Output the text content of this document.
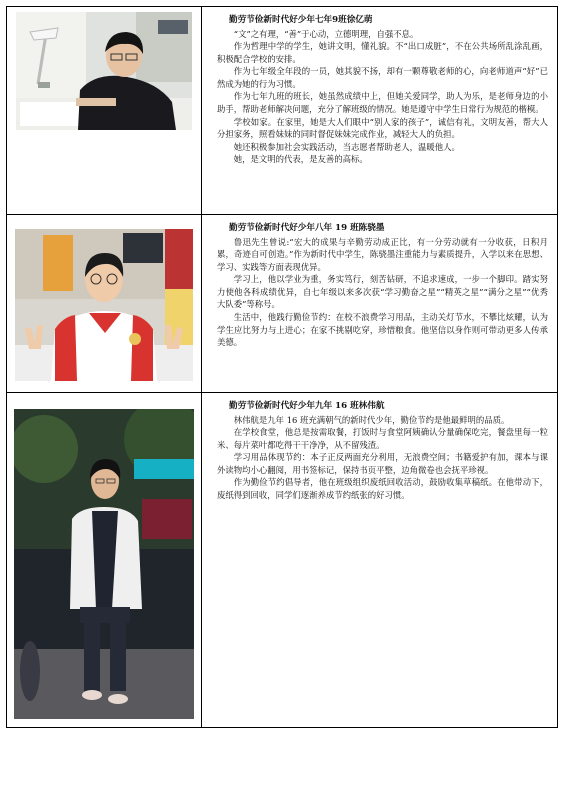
勤劳节俭新时代好少年七年9班徐亿萌

“文”之有理，“善”于心动，立德明理，自强不息。

作为哲理中学的学生，她讲文明，懂礼貌。不“出口成脏”，不在公共场所乱涂乱画，积极配合学校的安排。

作为七年级全年段的一员，她其貌不扬，却有一颗尊敬老师的心，向老师道声“好”已然成为她的行为习惯。

作为七年九班的班长，她虽然成绩中上，但她关爱同学，助人为乐，是老师身边的小助手，帮助老师解决问题，充分了解班级的情况。她是遵守中学生日常行为规范的楷模。

学校如家。在家里，她是大人们眼中“别人家的孩子”，诚信有礼，文明友善，帮大人分担家务，照看妹妹的同时督促妹妹完成作业，减轻大人的负担。

她还积极参加社会实践活动，当志愿者帮助老人，温暖他人。

她，是文明的代表，是友善的高标。

勤劳节俭新时代好少年八年 19 班陈骁墨

鲁迅先生曾说:“宏大的成果与辛勤劳动成正比，有一分劳动就有一分收获，日积月累，奇迹自可创造。”作为新时代中学生，陈骁墨注重能力与素质提升，入学以来在思想、学习、实践等方面表现优异。

学习上，他以学业为重，务实笃行，刻苦钻研，不追求速成，一步一个脚印。踏实努力使他各科成绩优异，自七年级以来多次获“学习勤奋之星”“精英之星”“满分之星”“优秀大队委”等称号。

生活中，他践行勤俭节约：在校不浪费学习用品，主动关灯节水，不攀比炫耀，认为学生应比努力与上进心；在家不挑剔吃穿，珍惜粮食。他坚信以身作则可带动更多人传承美德。

勤劳节俭新时代好少年九年 16 班林伟航

林伟航是九年 16 班充满朝气的新时代少年，勤俭节约是他最鲜明的品质。

在学校食堂，他总是按需取餐，打饭时与食堂阿姨确认分量确保吃完，餐盘里每一粒米、每片菜叶都吃得干干净净，从不留残渣。

学习用品体现节约：本子正反两面充分利用，无浪费空间；书籍爱护有加，课本与课外读物均小心翻阅，用书签标记，保持书页平整，边角微卷也会抚平珍视。

作为勤俭节约倡导者，他在班级组织废纸回收活动，鼓励收集草稿纸。在他带动下，废纸得到回收，同学们逐渐养成节约纸张的好习惯。
